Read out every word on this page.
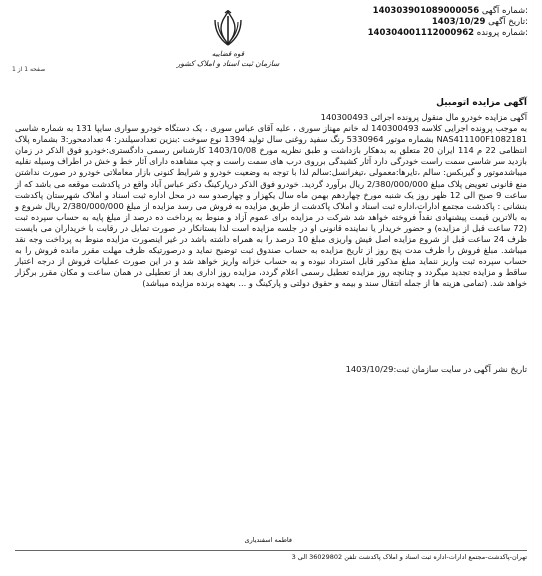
140303901089000056 شماره آگهی:
1403/10/29 تاریخ آگهی:
140304001112000962 شماره پرونده:
قوه قضاییه
سازمان ثبت اسناد و املاک کشور
صفحه 1 از 1
آگهی مزایده اتومبیل

آگهی مزایده خودرو مال منقول پرونده اجرائی 140300493

به موجب پرونده اجرایی کلاسه 140300493 له خانم مهناز سوری ، علیه آقای عباس سوری ، یک دستگاه خودرو سواری سایپا 131 به شماره شاسی NAS411100F1082181 بشماره موتور 5330964 رنگ سفید روغنی سال تولید 1394 نوع سوخت :بنزین تعدادسیلندر: 4 تعدادمحور:3 بشماره پلاک انتظامی 22 م 114 ایران 20 متعلق به بدهکار بازداشت و طبق نظریه مورخ 1403/10/08 کارشناس رسمی دادگستری:خودرو فوق الذکر در زمان بازدید سر شاسی سمت راست خودرگی دارد آثار کشیدگی برروی درب های سمت راست و چپ مشاهده دارای آثار خط و خش در اطراف وسیله نقلیه میباشدموتور و گیربکس: سالم ،تایرها:معمولی ،تیغرانسل:سالم لذا با توجه به وضعیت خودرو و شرایط کنونی بازار معاملاتی خودرو در صورت نداشتن منع قانونی تعویض پلاک مبلغ 2/380/000/000 ریال برآورد گردید. خودرو فوق الذکر درپارکینگ دکتر عباس آباد واقع در پاکدشت موقعه می باشد که از ساعت 9 صبح الی 12 ظهر روز یک شنبه مورخ چهاردهم بهمن ماه سال یکهزار و چهارصدو سه در محل اداره ثبت اسناد و املاک شهرستان پاکدشت بنشانی : پاکدشت مجتمع ادارات،اداره ثبت اسناد و املاک پاکدشت از طریق مزایده به فروش می رسد مزایده از مبلغ 2/380/000/000 ریال شروع و به بالاترین قیمت پیشنهادی نقداً فروخته خواهد شد شرکت در مزایده برای عموم آزاد و منوط به پرداخت ده درصد از مبلغ پایه به حساب سپرده ثبت (72 ساعت قبل از مزایده) و حضور خریدار یا نماینده قانونی او در جلسه مزایده است لذا بستانکار در صورت تمایل در رقابت با خریداران می بایست ظرف 24 ساعت قبل از شروع مزایده اصل فیش واریزی مبلغ 10 درصد را به همراه داشته باشد در غیر اینصورت مزایده منوط به پرداخت وجه نقد میباشد. مبلغ فروش را ظرف مدت پنج روز از تاریخ مزایده به حساب صندوق ثبت توضیح نماید و درصورتیکه ظرف مهلت مقرر مانده فروش را به حساب سپرده ثبت واریز ننماید مبلغ مذکور قابل استرداد نبوده و به حساب خزانه واریز خواهد شد و در این صورت عملیات فروش از درجه اعتبار ساقط و مزایده تجدید میگردد و چنانچه روز مزایده تعطیل رسمی اعلام گردد، مزایده روز اداری بعد از تعطیلی در همان ساعت و مکان مقرر برگزار خواهد شد. (تمامی هزینه ها از جمله انتقال سند و بیمه و حقوق دولتی و پارکینگ و ... بعهده برنده مزایده میباشد)

تاریخ نشر آگهی در سایت سازمان ثبت:1403/10/29
فاطمه اسفندیاری
تهران-پاکدشت-مجتمع ادارات-اداره ثبت اسناد و املاک پاکدشت تلفن 36029802 الی 3
